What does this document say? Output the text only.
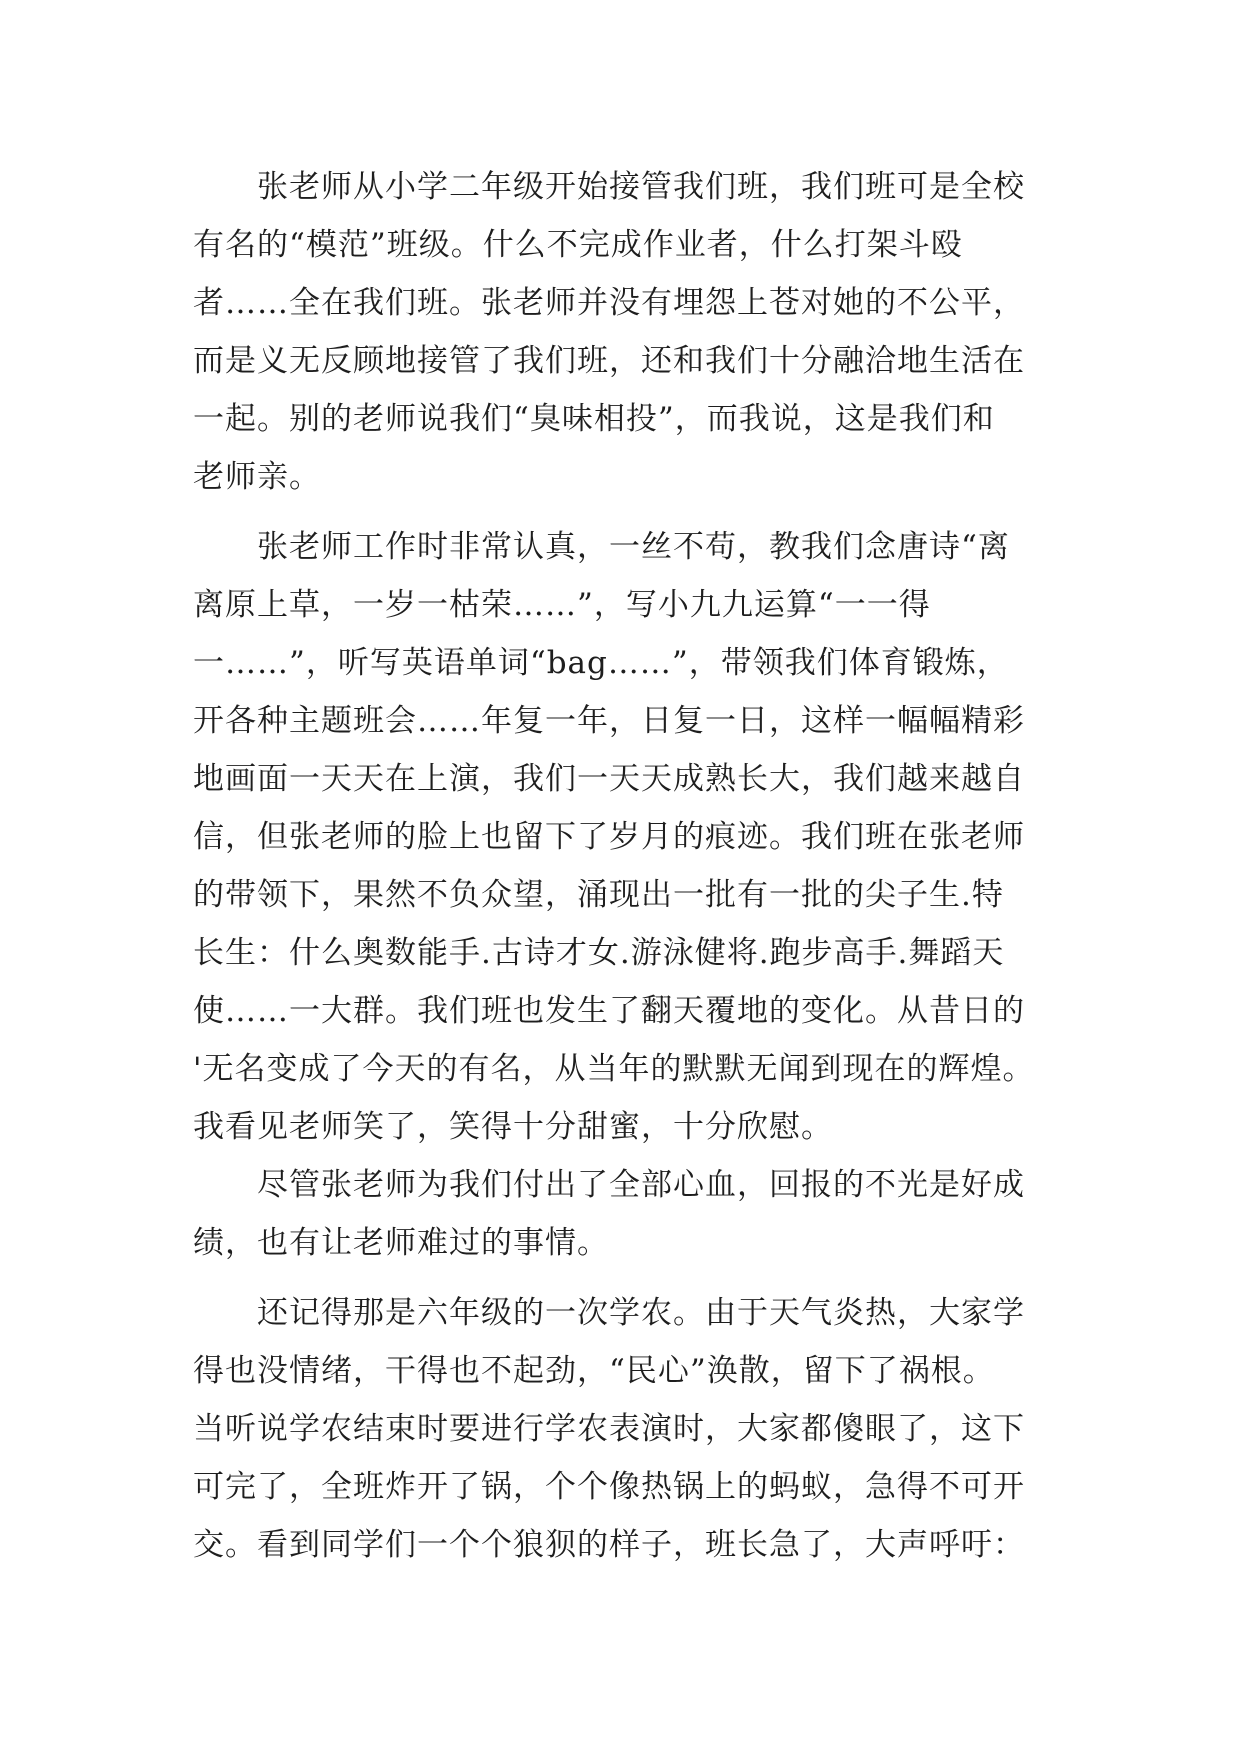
　　张老师从小学二年级开始接管我们班，我们班可是全校
有名的“模范”班级。什么不完成作业者，什么打架斗殴
者……全在我们班。张老师并没有埋怨上苍对她的不公平，
而是义无反顾地接管了我们班，还和我们十分融洽地生活在
一起。别的老师说我们“臭味相投”，而我说，这是我们和
老师亲。
　　张老师工作时非常认真，一丝不苟，教我们念唐诗“离
离原上草，一岁一枯荣……”，写小九九运算“一一得
一……”，听写英语单词“bag……”，带领我们体育锻炼，
开各种主题班会……年复一年，日复一日，这样一幅幅精彩
地画面一天天在上演，我们一天天成熟长大，我们越来越自
信，但张老师的脸上也留下了岁月的痕迹。我们班在张老师
的带领下，果然不负众望，涌现出一批有一批的尖子生.特
长生：什么奥数能手.古诗才女.游泳健将.跑步高手.舞蹈天
使……一大群。我们班也发生了翻天覆地的变化。从昔日的
'无名变成了今天的有名，从当年的默默无闻到现在的辉煌。
我看见老师笑了，笑得十分甜蜜，十分欣慰。
　　尽管张老师为我们付出了全部心血，回报的不光是好成
绩，也有让老师难过的事情。
　　还记得那是六年级的一次学农。由于天气炎热，大家学
得也没情绪，干得也不起劲，“民心”涣散，留下了祸根。
当听说学农结束时要进行学农表演时，大家都傻眼了，这下
可完了，全班炸开了锅，个个像热锅上的蚂蚁，急得不可开
交。看到同学们一个个狼狈的样子，班长急了，大声呼吁：
